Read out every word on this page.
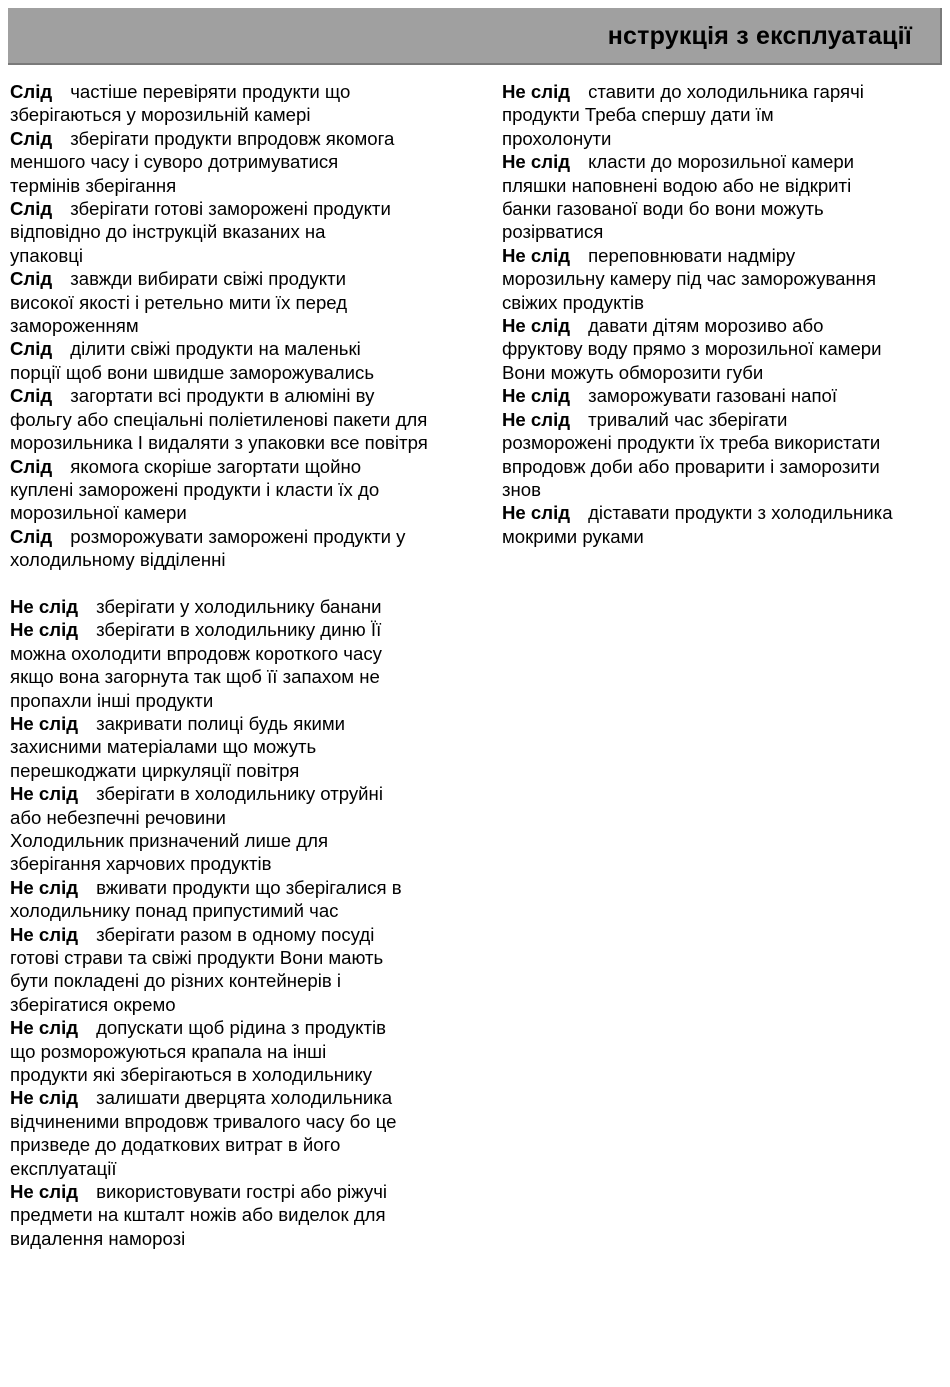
нструкція з експлуатації
Слід частіше перевіряти продукти що
зберігаються у морозильній камері
Слід зберігати продукти впродовж якомога
меншого часу і суворо дотримуватися
термінів зберігання
Слід зберігати готові заморожені продукти
відповідно до інструкцій вказаних на
упаковці
Слід завжди вибирати свіжі продукти
високої якості і ретельно мити їх перед
заморожeнням
Слід ділити свіжі продукти на маленькі
порції щоб вони швидше заморожувались
Слід загортати всі продукти в алюміні ву
фольгу або спеціальні поліетиленові пакети для
морозильника І видаляти з упаковки все повітря
Слід якомога скоріше загортати щойно
куплені заморожені продукти і класти їх до
морозильної камери
Слід розморожувати заморожені продукти у
холодильному відділенні
Не слід зберігати у холодильнику банани
Не слід зберігати в холодильнику диню Її
можна охолодити впродовж короткого часу
якщо вона загорнута так щоб її запахом не
пропахли інші продукти
Не слід закривати полиці будь якими
захисними матеріалами що можуть
перешкоджати циркуляції повітря
Не слід зберігати в холодильнику отруйні
або небезпечні речовини
Холодильник призначений лише для
зберігання харчових продуктів
Не слід вживати продукти що зберігалися в
холодильнику понад припустимий час
Не слід зберігати разом в одному посуді
готові страви та свіжі продукти Вони мають
бути покладені до різних контейнерів і
зберігатися окремо
Не слід допускати щоб рідина з продуктів
що розморожуються крапала на інші
продукти які зберігаються в холодильнику
Не слід залишати дверцята холодильника
відчиненими впродовж тривалого часу бо це
призведе до додаткових витрат в його
експлуатації
Не слід використовувати гострі або ріжучі
предмети на кшталт ножів або виделок для
видалення наморозі
Не слід ставити до холодильника гарячі
продукти Треба спершу дати їм
прохолонути
Не слід класти до морозильної камери
пляшки наповнені водою або не відкриті
банки газованої води бо вони можуть
розірватися
Не слід переповнювати надміру
морозильну камеру під час заморожування
свіжих продуктів
Не слід давати дітям морозиво або
фруктову воду прямо з морозильної камери
Вони можуть обморозити губи
Не слід заморожувати газовані напої
Не слід тривалий час зберігати
розморожені продукти їх треба використати
впродовж доби або проварити і заморозити
знов
Не слід діставати продукти з холодильника
мокрими руками
